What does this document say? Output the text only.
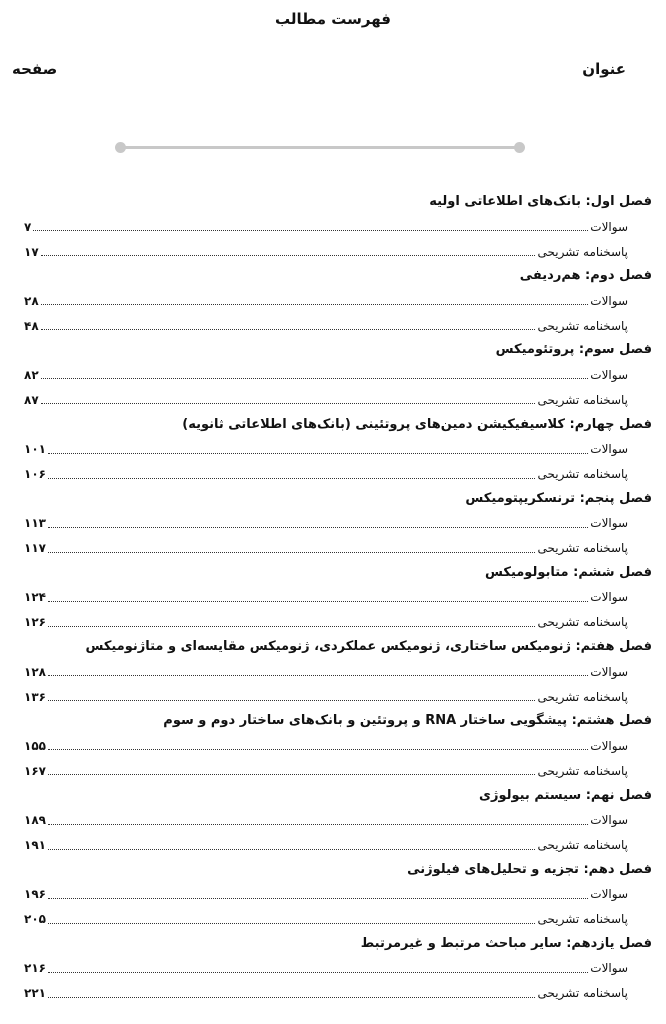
فهرست مطالب
عنوان
صفحه
فصل اول: بانک‌های اطلاعاتی اولیه
سوالات
۷
پاسخنامه تشریحی
۱۷
فصل دوم: هم‌ردیفی
سوالات
۲۸
پاسخنامه تشریحی
۴۸
فصل سوم: پروتئومیکس
سوالات
۸۲
پاسخنامه تشریحی
۸۷
فصل چهارم: کلاسیفیکیشن دمین‌های پروتئینی (بانک‌های اطلاعاتی ثانویه)
سوالات
۱۰۱
پاسخنامه تشریحی
۱۰۶
فصل پنجم: ترنسکریپتومیکس
سوالات
۱۱۳
پاسخنامه تشریحی
۱۱۷
فصل ششم: متابولومیکس
سوالات
۱۲۴
پاسخنامه تشریحی
۱۲۶
فصل هفتم: ژنومیکس ساختاری، ژنومیکس عملکردی، ژنومیکس مقایسه‌ای و متاژنومیکس
سوالات
۱۲۸
پاسخنامه تشریحی
۱۳۶
فصل هشتم: پیشگویی ساختار RNA و پروتئین و بانک‌های ساختار دوم و سوم
سوالات
۱۵۵
پاسخنامه تشریحی
۱۶۷
فصل نهم: سیستم بیولوژی
سوالات
۱۸۹
پاسخنامه تشریحی
۱۹۱
فصل دهم: تجزیه و تحلیل‌های فیلوژنی
سوالات
۱۹۶
پاسخنامه تشریحی
۲۰۵
فصل یازدهم: سایر مباحث مرتبط و غیرمرتبط
سوالات
۲۱۶
پاسخنامه تشریحی
۲۲۱
